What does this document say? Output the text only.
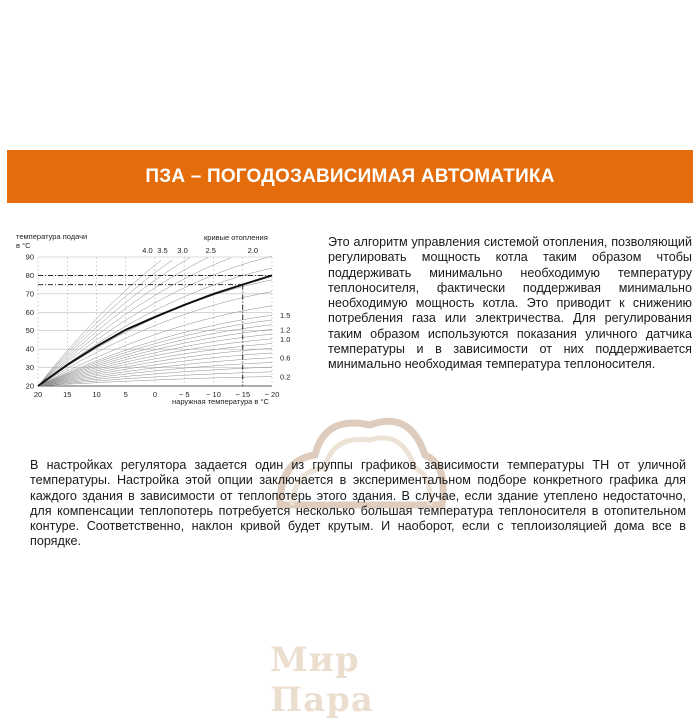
ПЗА – ПОГОДОЗАВИСИМАЯ АВТОМАТИКА
температура подачи в °С
кривые отопления
20
30
40
50
60
70
80
90
20	15	10	5	0	− 5 − 10 − 15 − 20
4.0 3.5 3.0 2.5	2.0
1.5
1.2
1.0
0.6
0.2
наружная температура в °С
Это алгоритм управления системой отопления, позволяющий регулировать мощность котла таким образом чтобы поддерживать минимально необходимую температуру теплоносителя, фактически поддерживая минимально необходимую мощность котла. Это приводит к снижению потребления газа или электричества. Для регулирования таким образом используются показания уличного датчика температуры и в зависимости от них поддерживается минимально необходимая температура теплоносителя.
Мир Пара
В настройках регулятора задается один из группы графиков зависимости температуры ТН от уличной температуры. Настройка этой опции заключается в экспериментальном подборе конкретного графика для каждого здания в зависимости от теплопотерь этого здания. В случае, если здание утеплено недостаточно, для компенсации теплопотерь потребуется несколько большая температура теплоносителя в отопительном контуре. Соответственно, наклон кривой будет крутым. И наоборот, если с теплоизоляцией дома все в порядке.
